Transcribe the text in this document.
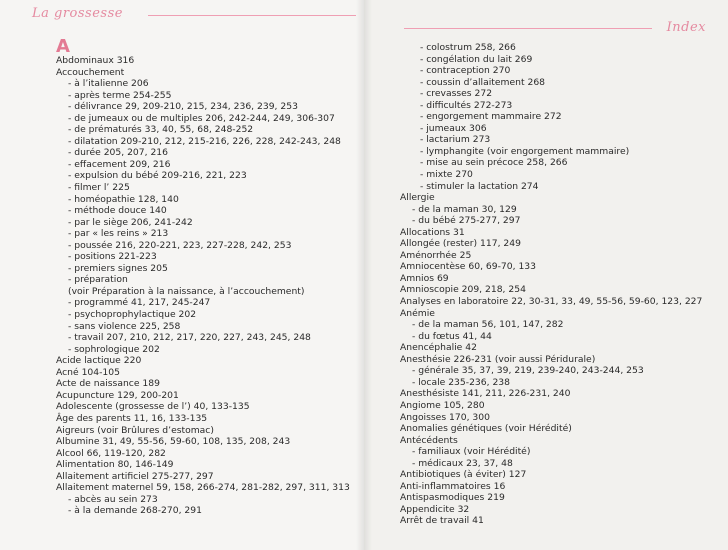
La grossesse
A
Abdominaux 316
Accouchement
- à l’italienne 206
- après terme 254-255
- délivrance 29, 209-210, 215, 234, 236, 239, 253
- de jumeaux ou de multiples 206, 242-244, 249, 306-307
- de prématurés 33, 40, 55, 68, 248-252
- dilatation 209-210, 212, 215-216, 226, 228, 242-243, 248
- durée 205, 207, 216
- effacement 209, 216
- expulsion du bébé 209-216, 221, 223
- filmer l’ 225
- homéopathie 128, 140
- méthode douce 140
- par le siège 206, 241-242
- par « les reins » 213
- poussée 216, 220-221, 223, 227-228, 242, 253
- positions 221-223
- premiers signes 205
- préparation
(voir Préparation à la naissance, à l’accouchement)
- programmé 41, 217, 245-247
- psychoprophylactique 202
- sans violence 225, 258
- travail 207, 210, 212, 217, 220, 227, 243, 245, 248
- sophrologique 202
Acide lactique 220
Acné 104-105
Acte de naissance 189
Acupuncture 129, 200-201
Adolescente (grossesse de l’) 40, 133-135
Âge des parents 11, 16, 133-135
Aigreurs (voir Brûlures d’estomac)
Albumine 31, 49, 55-56, 59-60, 108, 135, 208, 243
Alcool 66, 119-120, 282
Alimentation 80, 146-149
Allaitement artificiel 275-277, 297
Allaitement maternel 59, 158, 266-274, 281-282, 297, 311, 313
- abcès au sein 273
- à la demande 268-270, 291
Index
- colostrum 258, 266
- congélation du lait 269
- contraception 270
- coussin d’allaitement 268
- crevasses 272
- difficultés 272-273
- engorgement mammaire 272
- jumeaux 306
- lactarium 273
- lymphangite (voir engorgement mammaire)
- mise au sein précoce 258, 266
- mixte 270
- stimuler la lactation 274
Allergie
- de la maman 30, 129
- du bébé 275-277, 297
Allocations 31
Allongée (rester) 117, 249
Aménorrhée 25
Amniocentèse 60, 69-70, 133
Amnios 69
Amnioscopie 209, 218, 254
Analyses en laboratoire 22, 30-31, 33, 49, 55-56, 59-60, 123, 227
Anémie
- de la maman 56, 101, 147, 282
- du fœtus 41, 44
Anencéphalie 42
Anesthésie 226-231 (voir aussi Péridurale)
- générale 35, 37, 39, 219, 239-240, 243-244, 253
- locale 235-236, 238
Anesthésiste 141, 211, 226-231, 240
Angiome 105, 280
Angoisses 170, 300
Anomalies génétiques (voir Hérédité)
Antécédents
- familiaux (voir Hérédité)
- médicaux 23, 37, 48
Antibiotiques (à éviter) 127
Anti-inflammatoires 16
Antispasmodiques 219
Appendicite 32
Arrêt de travail 41
